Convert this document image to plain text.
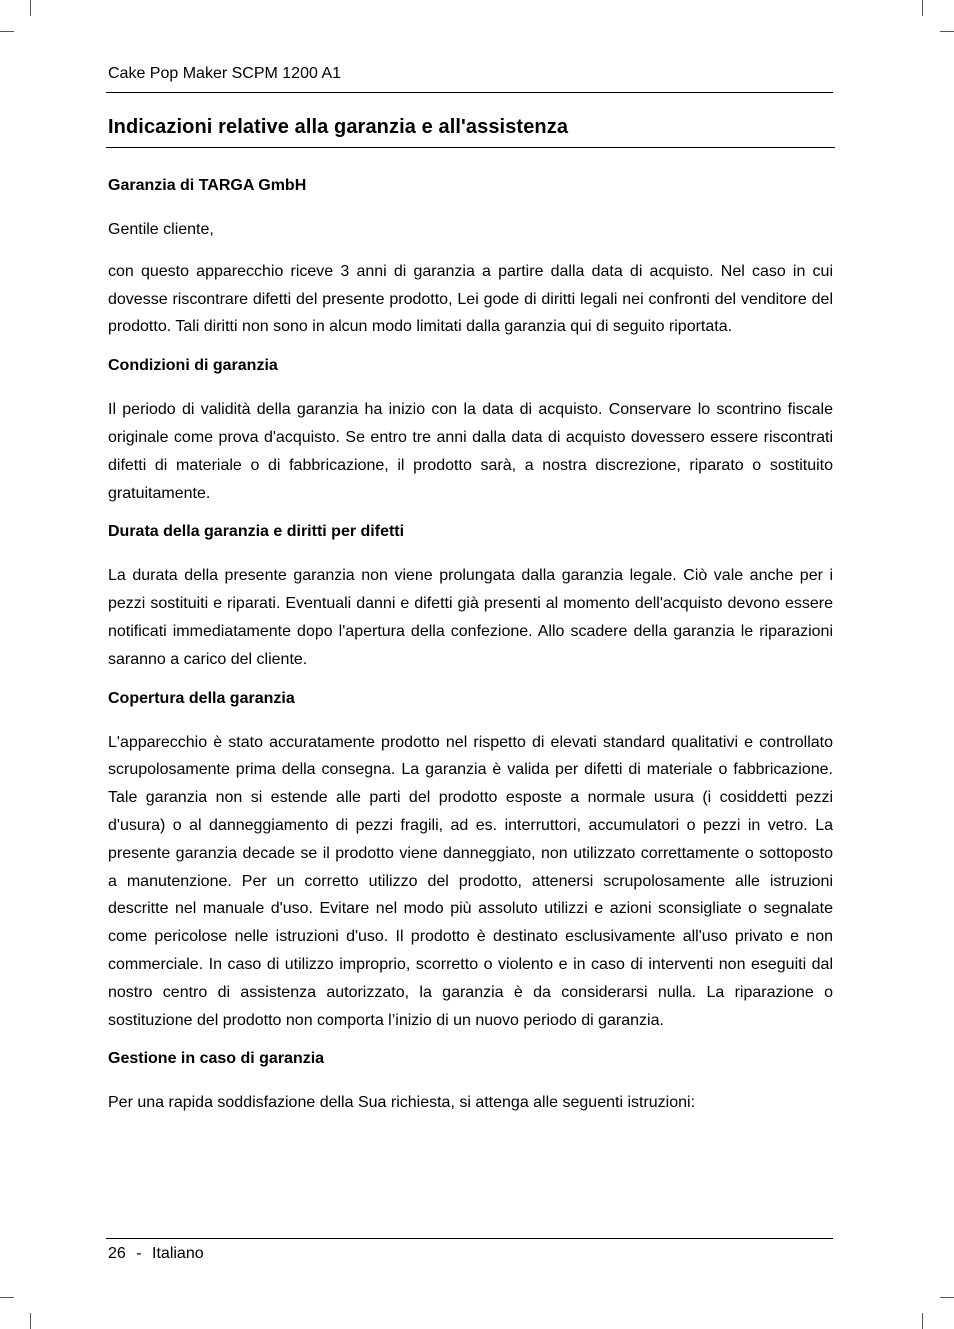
Cake Pop Maker SCPM 1200 A1
Indicazioni relative alla garanzia e all'assistenza
Garanzia di TARGA GmbH

Gentile cliente,

con questo apparecchio riceve 3 anni di garanzia a partire dalla data di acquisto. Nel caso in cui dovesse riscontrare difetti del presente prodotto, Lei gode di diritti legali nei confronti del venditore del prodotto. Tali diritti non sono in alcun modo limitati dalla garanzia qui di seguito riportata.

Condizioni di garanzia

Il periodo di validità della garanzia ha inizio con la data di acquisto. Conservare lo scontrino fiscale originale come prova d'acquisto. Se entro tre anni dalla data di acquisto dovessero essere riscontrati difetti di materiale o di fabbricazione, il prodotto sarà, a nostra discrezione, riparato o sostituito gratuitamente.

Durata della garanzia e diritti per difetti

La durata della presente garanzia non viene prolungata dalla garanzia legale. Ciò vale anche per i pezzi sostituiti e riparati. Eventuali danni e difetti già presenti al momento dell'acquisto devono essere notificati immediatamente dopo l'apertura della confezione. Allo scadere della garanzia le riparazioni saranno a carico del cliente.

Copertura della garanzia

L'apparecchio è stato accuratamente prodotto nel rispetto di elevati standard qualitativi e controllato scrupolosamente prima della consegna. La garanzia è valida per difetti di materiale o fabbricazione. Tale garanzia non si estende alle parti del prodotto esposte a normale usura (i cosiddetti pezzi d'usura) o al danneggiamento di pezzi fragili, ad es. interruttori, accumulatori o pezzi in vetro. La presente garanzia decade se il prodotto viene danneggiato, non utilizzato correttamente o sottoposto a manutenzione. Per un corretto utilizzo del prodotto, attenersi scrupolosamente alle istruzioni descritte nel manuale d'uso. Evitare nel modo più assoluto utilizzi e azioni sconsigliate o segnalate come pericolose nelle istruzioni d'uso. Il prodotto è destinato esclusivamente all'uso privato e non commerciale. In caso di utilizzo improprio, scorretto o violento e in caso di interventi non eseguiti dal nostro centro di assistenza autorizzato, la garanzia è da considerarsi nulla. La riparazione o sostituzione del prodotto non comporta l’inizio di un nuovo periodo di garanzia.

Gestione in caso di garanzia

Per una rapida soddisfazione della Sua richiesta, si attenga alle seguenti istruzioni:

26 - Italiano
